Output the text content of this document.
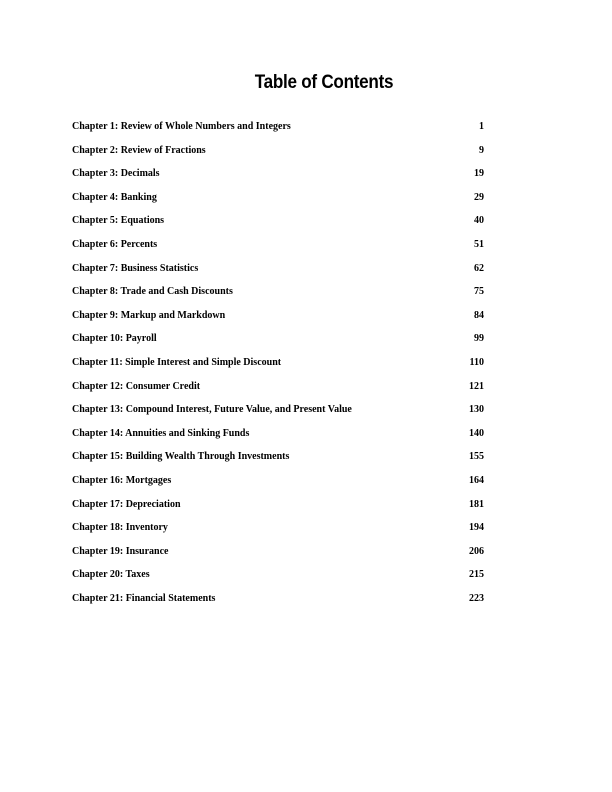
Table of Contents
Chapter 1: Review of Whole Numbers and Integers	1
Chapter 2: Review of Fractions	9
Chapter 3: Decimals	19
Chapter 4: Banking	29
Chapter 5: Equations	40
Chapter 6: Percents	51
Chapter 7: Business Statistics	62
Chapter 8: Trade and Cash Discounts	75
Chapter 9: Markup and Markdown	84
Chapter 10: Payroll	99
Chapter 11: Simple Interest and Simple Discount	110
Chapter 12: Consumer Credit	121
Chapter 13: Compound Interest, Future Value, and Present Value	130
Chapter 14: Annuities and Sinking Funds	140
Chapter 15: Building Wealth Through Investments	155
Chapter 16: Mortgages	164
Chapter 17: Depreciation	181
Chapter 18: Inventory	194
Chapter 19: Insurance	206
Chapter 20: Taxes	215
Chapter 21: Financial Statements	223
